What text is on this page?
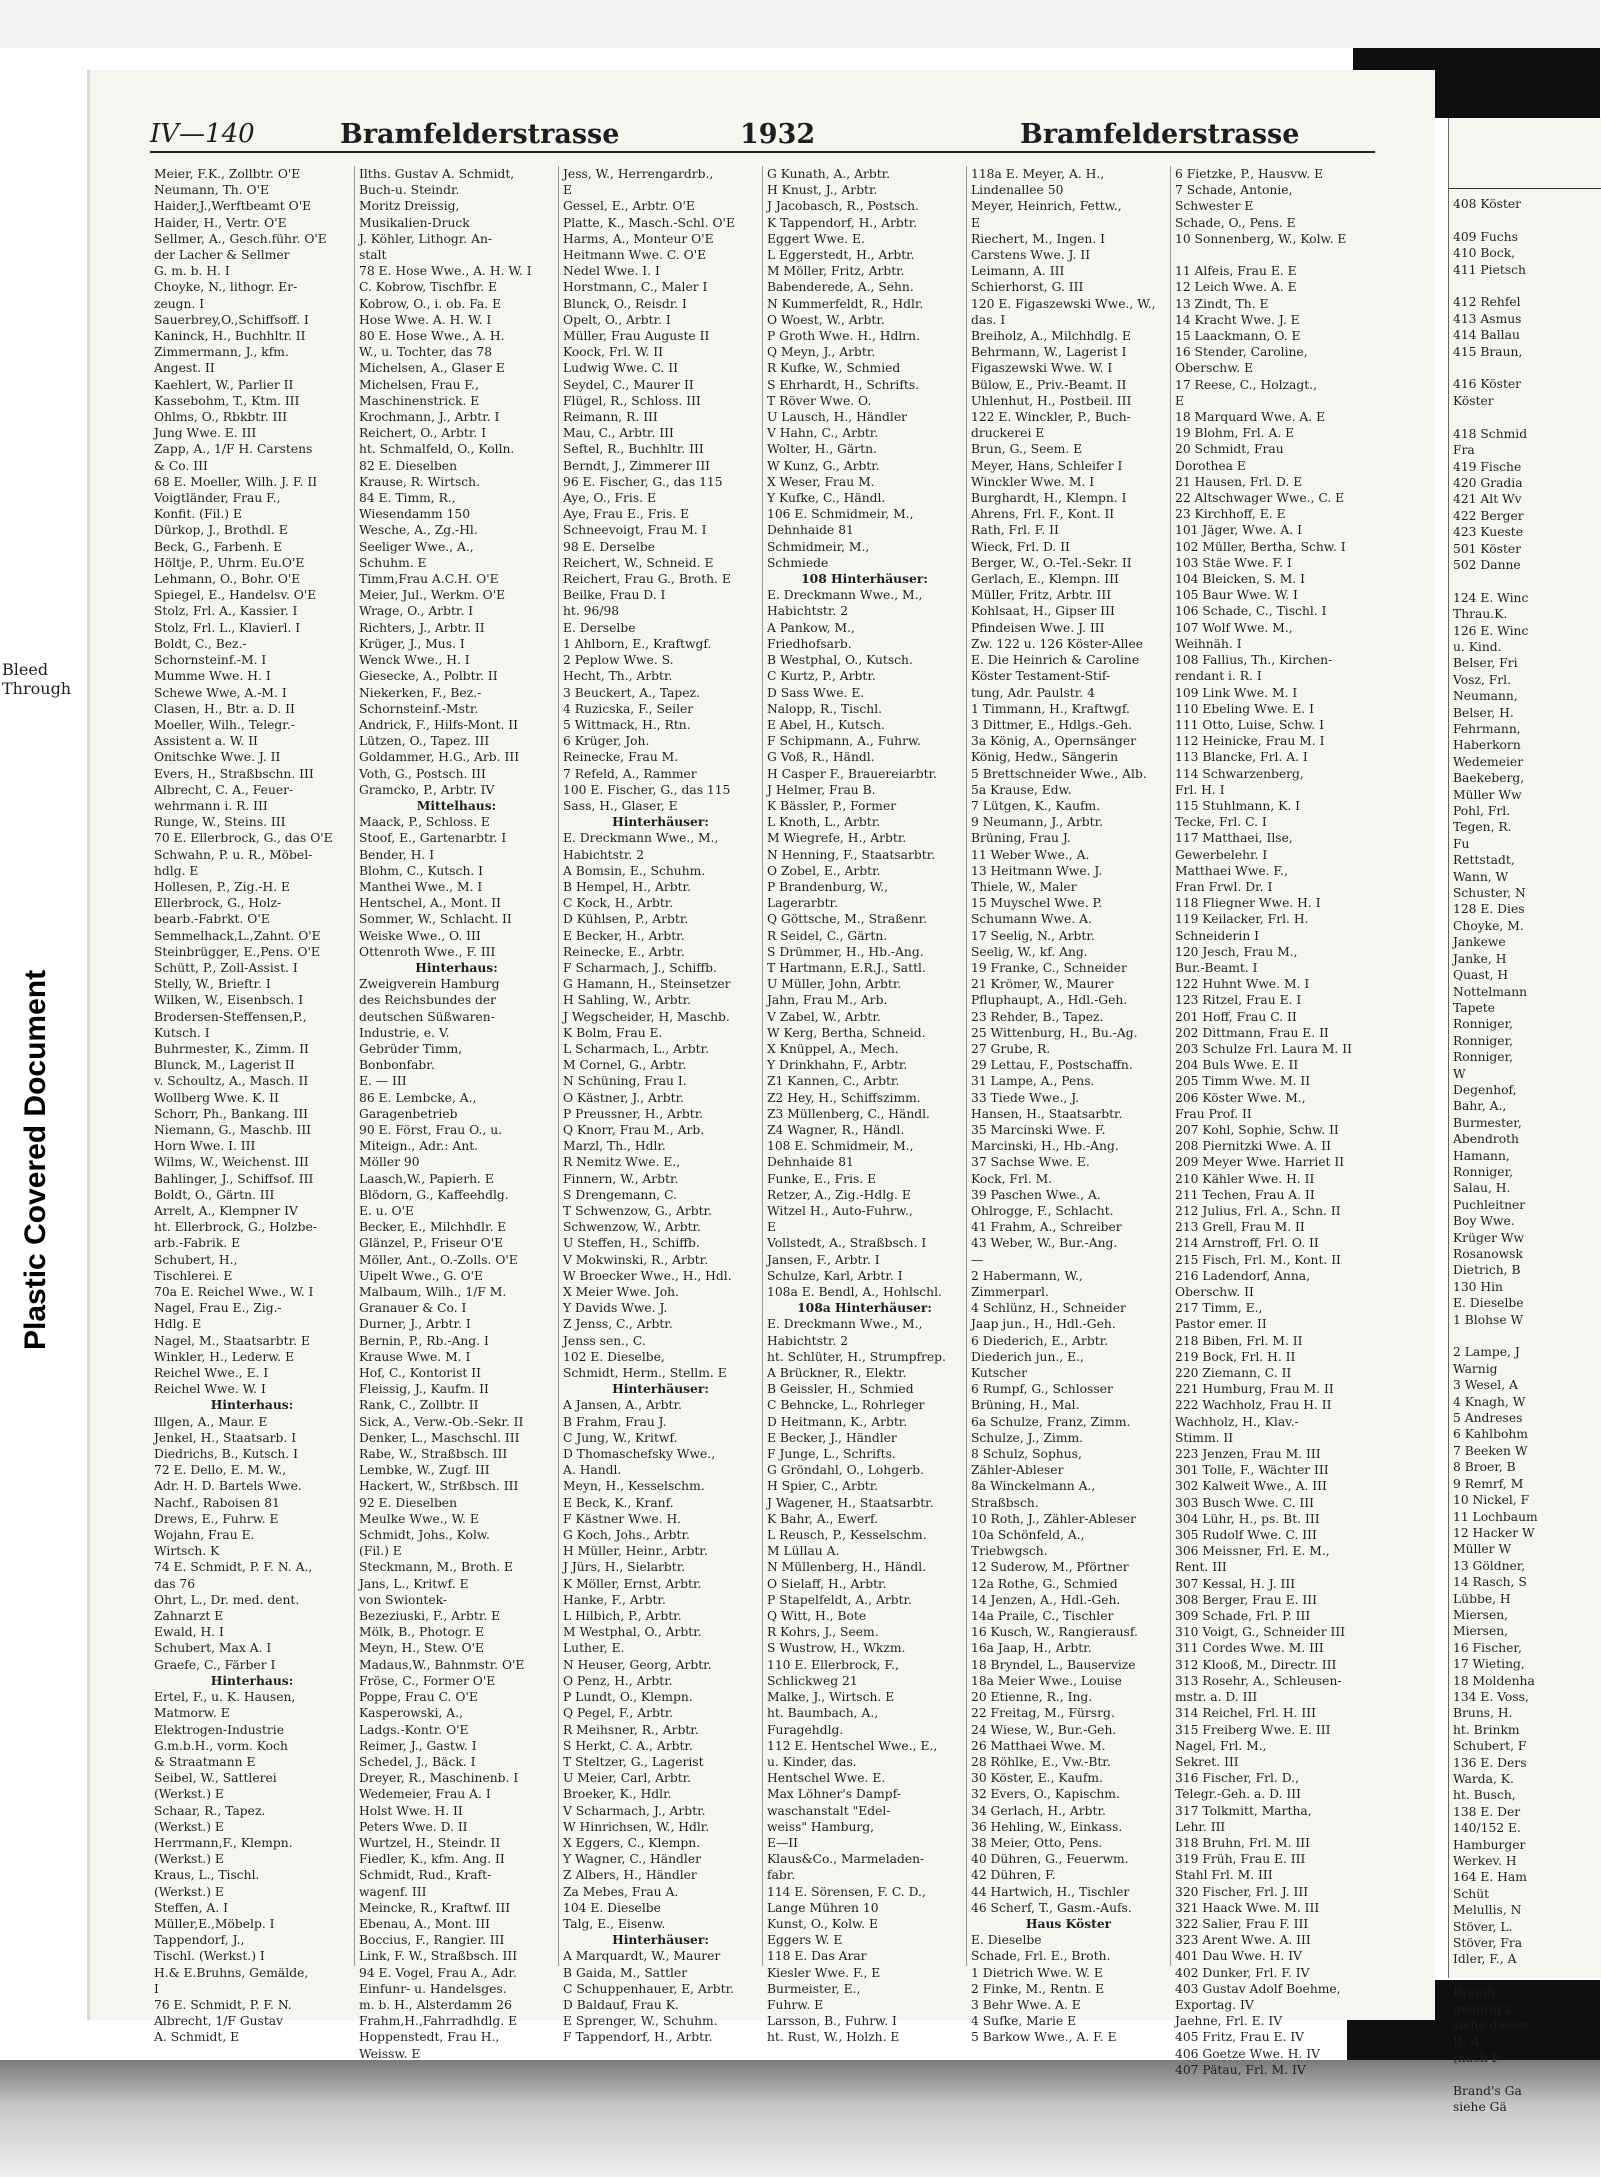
Plastic Covered Document
Bleed Through
IV—140	Bramfelderstrasse	1932	Bramfelderstrasse
Meier, F.K., Zollbtr. O'E
Neumann, Th. O'E
Haider,J.,Werftbeamt O'E
Haider, H., Vertr. O'E
Sellmer, A., Gesch.führ. O'E
der Lacher & Sellmer
G. m. b. H. I
Choyke, N., lithogr. Er-
zeugn. I
Sauerbrey,O.,Schiffsoff. I
Kaninck, H., Buchhltr. II
Zimmermann, J., kfm.
Angest. II
Kaehlert, W., Parlier II
Kassebohm, T., Ktm. III
Ohlms, O., Rbkbtr. III
Jung Wwe. E. III
Zapp, A., 1/F H. Carstens
& Co. III
68 E. Moeller, Wilh. J. F. II
Voigtländer, Frau F.,
Konfit. (Fil.) E
Dürkop, J., Brothdl. E
Beck, G., Farbenh. E
Höltje, P., Uhrm. Eu.O'E
Lehmann, O., Bohr. O'E
Spiegel, E., Handelsv. O'E
Stolz, Frl. A., Kassier. I
Stolz, Frl. L., Klavierl. I
Boldt, C., Bez.-
Schornsteinf.-M. I
Mumme Wwe. H. I
Schewe Wwe, A.-M. I
Clasen, H., Btr. a. D. II
Moeller, Wilh., Telegr.-
Assistent a. W. II
Onitschke Wwe. J. II
Evers, H., Straßbschn. III
Albrecht, C. A., Feuer-
wehrmann i. R. III
Runge, W., Steins. III
70 E. Ellerbrock, G., das O'E
Schwahn, P. u. R., Möbel-
hdlg. E
Hollesen, P., Zig.-H. E
Ellerbrock, G., Holz-
bearb.-Fabrkt. O'E
Semmelhack,L.,Zahnt. O'E
Steinbrügger, E.,Pens. O'E
Schütt, P., Zoll-Assist. I
Stelly, W., Brieftr. I
Wilken, W., Eisenbsch. I
Brodersen-Steffensen,P.,
Kutsch. I
Buhrmester, K., Zimm. II
Blunck, M., Lagerist II
v. Schoultz, A., Masch. II
Wollberg Wwe. K. II
Schorr, Ph., Bankang. III
Niemann, G., Maschb. III
Horn Wwe. I. III
Wilms, W., Weichenst. III
Bahlinger, J., Schiffsof. III
Boldt, O., Gärtn. III
Arrelt, A., Klempner IV
ht. Ellerbrock, G., Holzbe-
arb.-Fabrik. E
Schubert, H.,
Tischlerei. E
70a E. Reichel Wwe., W. I
Nagel, Frau E., Zig.-
Hdlg. E
Nagel, M., Staatsarbtr. E
Winkler, H., Lederw. E
Reichel Wwe., E. I
Reichel Wwe. W. I
Hinterhaus:
Illgen, A., Maur. E
Jenkel, H., Staatsarb. I
Diedrichs, B., Kutsch. I
72 E. Dello, E. M. W.,
Adr. H. D. Bartels Wwe.
Nachf., Raboisen 81
Drews, E., Fuhrw. E
Wojahn, Frau E.
Wirtsch. K
74 E. Schmidt, P. F. N. A.,
das 76
Ohrt, L., Dr. med. dent.
Zahnarzt E
Ewald, H. I
Schubert, Max A. I
Graefe, C., Färber I
Hinterhaus:
Ertel, F., u. K. Hausen,
Matmorw. E
Elektrogen-Industrie
G.m.b.H., vorm. Koch
& Straatmann E
Seibel, W., Sattlerei
(Werkst.) E
Schaar, R., Tapez.
(Werkst.) E
Herrmann,F., Klempn.
(Werkst.) E
Kraus, L., Tischl.
(Werkst.) E
Steffen, A. I
Müller,E.,Möbelp. I
Tappendorf, J.,
Tischl. (Werkst.) I
H.& E.Bruhns, Gemälde,
I
76 E. Schmidt, P. F. N.
Albrecht, 1/F Gustav
A. Schmidt, E
Ilths. Gustav A. Schmidt,
Buch-u. Steindr.
Moritz Dreissig,
Musikalien-Druck
J. Köhler, Lithogr. An-
stalt
78 E. Hose Wwe., A. H. W. I
C. Kobrow, Tischfbr. E
Kobrow, O., i. ob. Fa. E
Hose Wwe. A. H. W. I
80 E. Hose Wwe., A. H.
W., u. Tochter, das 78
Michelsen, A., Glaser E
Michelsen, Frau F.,
Maschinenstrick. E
Krochmann, J., Arbtr. I
Reichert, O., Arbtr. I
ht. Schmalfeld, O., Kolln.
82 E. Dieselben
Krause, R. Wirtsch.
84 E. Timm, R.,
Wiesendamm 150
Wesche, A., Zg.-Hl.
Seeliger Wwe., A.,
Schuhm. E
Timm,Frau A.C.H. O'E
Meier, Jul., Werkm. O'E
Wrage, O., Arbtr. I
Richters, J., Arbtr. II
Krüger, J., Mus. I
Wenck Wwe., H. I
Giesecke, A., Polbtr. II
Niekerken, F., Bez.-
Schornsteinf.-Mstr.
Andrick, F., Hilfs-Mont. II
Lützen, O., Tapez. III
Goldammer, H.G., Arb. III
Voth, G., Postsch. III
Gramcko, P., Arbtr. IV
Mittelhaus:
Maack, P., Schloss. E
Stoof, E., Gartenarbtr. I
Bender, H. I
Blohm, C., Kutsch. I
Manthei Wwe., M. I
Hentschel, A., Mont. II
Sommer, W., Schlacht. II
Weiske Wwe., O. III
Ottenroth Wwe., F. III
Hinterhaus:
Zweigverein Hamburg
des Reichsbundes der
deutschen Süßwaren-
Industrie, e. V.
Gebrüder Timm,
Bonbonfabr.
E. — III
86 E. Lembcke, A.,
Garagenbetrieb
90 E. Först, Frau O., u.
Miteign., Adr.: Ant.
Möller 90
Laasch,W., Papierh. E
Blödorn, G., Kaffeehdlg.
E. u. O'E
Becker, E., Milchhdlr. E
Glänzel, P., Friseur O'E
Möller, Ant., O.-Zolls. O'E
Uipelt Wwe., G. O'E
Malbaum, Wilh., 1/F M.
Granauer & Co. I
Durner, J., Arbtr. I
Bernin, P., Rb.-Ang. I
Krause Wwe. M. I
Hof, C., Kontorist II
Fleissig, J., Kaufm. II
Rank, C., Zollbtr. II
Sick, A., Verw.-Ob.-Sekr. II
Denker, L., Maschschl. III
Rabe, W., Straßbsch. III
Lembke, W., Zugf. III
Hackert, W., Strßbsch. III
92 E. Dieselben
Meulke Wwe., W. E
Schmidt, Johs., Kolw.
(Fil.) E
Steckmann, M., Broth. E
Jans, L., Kritwf. E
von Swiontek-
Bezeziuski, F., Arbtr. E
Mölk, B., Photogr. E
Meyn, H., Stew. O'E
Madaus,W., Bahnmstr. O'E
Fröse, C., Former O'E
Poppe, Frau C. O'E
Kasperowski, A.,
Ladgs.-Kontr. O'E
Reimer, J., Gastw. I
Schedel, J., Bäck. I
Dreyer, R., Maschinenb. I
Wedemeier, Frau A. I
Holst Wwe. H. II
Peters Wwe. D. II
Wurtzel, H., Steindr. II
Fiedler, K., kfm. Ang. II
Schmidt, Rud., Kraft-
wagenf. III
Meincke, R., Kraftwf. III
Ebenau, A., Mont. III
Boccius, F., Rangier. III
Link, F. W., Straßbsch. III
94 E. Vogel, Frau A., Adr.
Einfunr- u. Handelsges.
m. b. H., Alsterdamm 26
Frahm,H.,Fahrradhdlg. E
Hoppenstedt, Frau H.,
Weissw. E
Jess, W., Herrengardrb.,
E
Gessel, E., Arbtr. O'E
Platte, K., Masch.-Schl. O'E
Harms, A., Monteur O'E
Heitmann Wwe. C. O'E
Nedel Wwe. I. I
Horstmann, C., Maler I
Blunck, O., Reisdr. I
Opelt, O., Arbtr. I
Müller, Frau Auguste II
Koock, Frl. W. II
Ludwig Wwe. C. II
Seydel, C., Maurer II
Flügel, R., Schloss. III
Reimann, R. III
Mau, C., Arbtr. III
Seftel, R., Buchhltr. III
Berndt, J., Zimmerer III
96 E. Fischer, G., das 115
Aye, O., Fris. E
Aye, Frau E., Fris. E
Schneevoigt, Frau M. I
98 E. Derselbe
Reichert, W., Schneid. E
Reichert, Frau G., Broth. E
Beilke, Frau D. I
ht. 96/98
E. Derselbe
1 Ahlborn, E., Kraftwgf.
2 Peplow Wwe. S.
Hecht, Th., Arbtr.
3 Beuckert, A., Tapez.
4 Ruzicska, F., Seiler
5 Wittmack, H., Rtn.
6 Krüger, Joh.
Reinecke, Frau M.
7 Refeld, A., Rammer
100 E. Fischer, G., das 115
Sass, H., Glaser, E
Hinterhäuser:
E. Dreckmann Wwe., M.,
Habichtstr. 2
A Bomsin, E., Schuhm.
B Hempel, H., Arbtr.
C Kock, H., Arbtr.
D Kühlsen, P., Arbtr.
E Becker, H., Arbtr.
Reinecke, E., Arbtr.
F Scharmach, J., Schiffb.
G Hamann, H., Steinsetzer
H Sahling, W., Arbtr.
J Wegscheider, H, Maschb.
K Bolm, Frau E.
L Scharmach, L., Arbtr.
M Cornel, G., Arbtr.
N Schüning, Frau I.
O Kästner, J., Arbtr.
P Preussner, H., Arbtr.
Q Knorr, Frau M., Arb.
Marzl, Th., Hdlr.
R Nemitz Wwe. E.,
Finnern, W., Arbtr.
S Drengemann, C.
T Schwenzow, G., Arbtr.
Schwenzow, W., Arbtr.
U Steffen, H., Schiffb.
V Mokwinski, R., Arbtr.
W Broecker Wwe., H., Hdl.
X Meier Wwe. Joh.
Y Davids Wwe. J.
Z Jenss, C., Arbtr.
Jenss sen., C.
102 E. Dieselbe,
Schmidt, Herm., Stellm. E
Hinterhäuser:
A Jansen, A., Arbtr.
B Frahm, Frau J.
C Jung, W., Kritwf.
D Thomaschefsky Wwe.,
A. Handl.
Meyn, H., Kesselschm.
E Beck, K., Kranf.
F Kästner Wwe. H.
G Koch, Johs., Arbtr.
H Müller, Heinr., Arbtr.
J Jürs, H., Sielarbtr.
K Möller, Ernst, Arbtr.
Hanke, F., Arbtr.
L Hilbich, P., Arbtr.
M Westphal, O., Arbtr.
Luther, E.
N Heuser, Georg, Arbtr.
O Penz, H., Arbtr.
P Lundt, O., Klempn.
Q Pegel, F., Arbtr.
R Meihsner, R., Arbtr.
S Herkt, C. A., Arbtr.
T Steltzer, G., Lagerist
U Meier, Carl, Arbtr.
Broeker, K., Hdlr.
V Scharmach, J., Arbtr.
W Hinrichsen, W., Hdlr.
X Eggers, C., Klempn.
Y Wagner, C., Händler
Z Albers, H., Händler
Za Mebes, Frau A.
104 E. Dieselbe
Talg, E., Eisenw.
Hinterhäuser:
A Marquardt, W., Maurer
B Gaida, M., Sattler
C Schuppenhauer, E, Arbtr.
D Baldauf, Frau K.
E Sprenger, W., Schuhm.
F Tappendorf, H., Arbtr.
G Kunath, A., Arbtr.
H Knust, J., Arbtr.
J Jacobasch, R., Postsch.
K Tappendorf, H., Arbtr.
Eggert Wwe. E.
L Eggerstedt, H., Arbtr.
M Möller, Fritz, Arbtr.
Babenderede, A., Sehn.
N Kummerfeldt, R., Hdlr.
O Woest, W., Arbtr.
P Groth Wwe. H., Hdlrn.
Q Meyn, J., Arbtr.
R Kufke, W., Schmied
S Ehrhardt, H., Schrifts.
T Röver Wwe. O.
U Lausch, H., Händler
V Hahn, C., Arbtr.
Wolter, H., Gärtn.
W Kunz, G., Arbtr.
X Weser, Frau M.
Y Kufke, C., Händl.
106 E. Schmidmeir, M.,
Dehnhaide 81
Schmidmeir, M.,
Schmiede
108 Hinterhäuser:
E. Dreckmann Wwe., M.,
Habichtstr. 2
A Pankow, M.,
Friedhofsarb.
B Westphal, O., Kutsch.
C Kurtz, P., Arbtr.
D Sass Wwe. E.
Nalopp, R., Tischl.
E Abel, H., Kutsch.
F Schipmann, A., Fuhrw.
G Voß, R., Händl.
H Casper F., Brauereiarbtr.
J Helmer, Frau B.
K Bässler, P., Former
L Knoth, L., Arbtr.
M Wiegrefe, H., Arbtr.
N Henning, F., Staatsarbtr.
O Zobel, E., Arbtr.
P Brandenburg, W.,
Lagerarbtr.
Q Göttsche, M., Straßenr.
R Seidel, C., Gärtn.
S Drümmer, H., Hb.-Ang.
T Hartmann, E.R.J., Sattl.
U Müller, John, Arbtr.
Jahn, Frau M., Arb.
V Zabel, W., Arbtr.
W Kerg, Bertha, Schneid.
X Knüppel, A., Mech.
Y Drinkhahn, F., Arbtr.
Z1 Kannen, C., Arbtr.
Z2 Hey, H., Schiffszimm.
Z3 Müllenberg, C., Händl.
Z4 Wagner, R., Händl.
108 E. Schmidmeir, M.,
Dehnhaide 81
Funke, E., Fris. E
Retzer, A., Zig.-Hdlg. E
Witzel H., Auto-Fuhrw.,
E
Vollstedt, A., Straßbsch. I
Jansen, F., Arbtr. I
Schulze, Karl, Arbtr. I
108a E. Bendl, A., Hohlschl.
108a Hinterhäuser:
E. Dreckmann Wwe., M.,
Habichtstr. 2
ht. Schlüter, H., Strumpfrep.
A Brückner, R., Elektr.
B Geissler, H., Schmied
C Behncke, L., Rohrleger
D Heitmann, K., Arbtr.
E Becker, J., Händler
F Junge, L., Schrifts.
G Gröndahl, O., Lohgerb.
H Spier, C., Arbtr.
J Wagener, H., Staatsarbtr.
K Bahr, A., Ewerf.
L Reusch, P., Kesselschm.
M Lüllau A.
N Müllenberg, H., Händl.
O Sielaff, H., Arbtr.
P Stapelfeldt, A., Arbtr.
Q Witt, H., Bote
R Kohrs, J., Seem.
S Wustrow, H., Wkzm.
110 E. Ellerbrock, F.,
Schlickweg 21
Malke, J., Wirtsch. E
ht. Baumbach, A.,
Furagehdlg.
112 E. Hentschel Wwe., E.,
u. Kinder, das.
Hentschel Wwe. E.
Max Löhner's Dampf-
waschanstalt "Edel-
weiss" Hamburg,
E—II
Klaus&Co., Marmeladen-
fabr.
114 E. Sörensen, F. C. D.,
Lange Mühren 10
Kunst, O., Kolw. E
Eggers W. E
118 E. Das Arar
Kiesler Wwe. F., E
Burmeister, E.,
Fuhrw. E
Larsson, B., Fuhrw. I
ht. Rust, W., Holzh. E
118a E. Meyer, A. H.,
Lindenallee 50
Meyer, Heinrich, Fettw.,
E
Riechert, M., Ingen. I
Carstens Wwe. J. II
Leimann, A. III
Schierhorst, G. III
120 E. Figaszewski Wwe., W.,
das. I
Breiholz, A., Milchhdlg. E
Behrmann, W., Lagerist I
Figaszewski Wwe. W. I
Bülow, E., Priv.-Beamt. II
Uhlenhut, H., Postbeil. III
122 E. Winckler, P., Buch-
druckerei E
Brun, G., Seem. E
Meyer, Hans, Schleifer I
Winckler Wwe. M. I
Burghardt, H., Klempn. I
Ahrens, Frl. F., Kont. II
Rath, Frl. F. II
Wieck, Frl. D. II
Berger, W., O.-Tel.-Sekr. II
Gerlach, E., Klempn. III
Müller, Fritz, Arbtr. III
Kohlsaat, H., Gipser III
Pfindeisen Wwe. J. III
Zw. 122 u. 126 Köster-Allee
E. Die Heinrich & Caroline
Köster Testament-Stif-
tung, Adr. Paulstr. 4
1 Timmann, H., Kraftwgf.
3 Dittmer, E., Hdlgs.-Geh.
3a König, A., Opernsänger
König, Hedw., Sängerin
5 Brettschneider Wwe., Alb.
5a Krause, Edw.
7 Lütgen, K., Kaufm.
9 Neumann, J., Arbtr.
Brüning, Frau J.
11 Weber Wwe., A.
13 Heitmann Wwe. J.
Thiele, W., Maler
15 Muyschel Wwe. P.
Schumann Wwe. A.
17 Seelig, N., Arbtr.
Seelig, W., kf. Ang.
19 Franke, C., Schneider
21 Krömer, W., Maurer
Pfluphaupt, A., Hdl.-Geh.
23 Rehder, B., Tapez.
25 Wittenburg, H., Bu.-Ag.
27 Grube, R.
29 Lettau, F., Postschaffn.
31 Lampe, A., Pens.
33 Tiede Wwe., J.
Hansen, H., Staatsarbtr.
35 Marcinski Wwe. F.
Marcinski, H., Hb.-Ang.
37 Sachse Wwe. E.
Kock, Frl. M.
39 Paschen Wwe., A.
Ohlrogge, F., Schlacht.
41 Frahm, A., Schreiber
43 Weber, W., Bur.-Ang.
—
2 Habermann, W.,
Zimmerparl.
4 Schlünz, H., Schneider
Jaap jun., H., Hdl.-Geh.
6 Diederich, E., Arbtr.
Diederich jun., E.,
Kutscher
6 Rumpf, G., Schlosser
Brüning, H., Mal.
6a Schulze, Franz, Zimm.
Schulze, J., Zimm.
8 Schulz, Sophus,
Zähler-Ableser
8a Winckelmann A.,
Straßbsch.
10 Roth, J., Zähler-Ableser
10a Schönfeld, A.,
Triebwgsch.
12 Suderow, M., Pförtner
12a Rothe, G., Schmied
14 Jenzen, A., Hdl.-Geh.
14a Praile, C., Tischler
16 Kusch, W., Rangierausf.
16a Jaap, H., Arbtr.
18 Bryndel, L., Bauservize
18a Meier Wwe., Louise
20 Etienne, R., Ing.
22 Freitag, M., Fürsrg.
24 Wiese, W., Bur.-Geh.
26 Matthaei Wwe. M.
28 Röhlke, E., Vw.-Btr.
30 Köster, E., Kaufm.
32 Evers, O., Kapischm.
34 Gerlach, H., Arbtr.
36 Hehling, W., Einkass.
38 Meier, Otto, Pens.
40 Dühren, G., Feuerwm.
42 Dühren, F.
44 Hartwich, H., Tischler
46 Scherf, T., Gasm.-Aufs.
Haus Köster
E. Dieselbe
Schade, Frl. E., Broth.
1 Dietrich Wwe. W. E
2 Finke, M., Rentn. E
3 Behr Wwe. A. E
4 Sufke, Marie E
5 Barkow Wwe., A. F. E
6 Fietzke, P., Hausvw. E
7 Schade, Antonie,
Schwester E
Schade, O., Pens. E
10 Sonnenberg, W., Kolw. E

11 Alfeis, Frau E. E
12 Leich Wwe. A. E
13 Zindt, Th. E
14 Kracht Wwe. J. E
15 Laackmann, O. E
16 Stender, Caroline,
Oberschw. E
17 Reese, C., Holzagt.,
E
18 Marquard Wwe. A. E
19 Blohm, Frl. A. E
20 Schmidt, Frau
Dorothea E
21 Hausen, Frl. D. E
22 Altschwager Wwe., C. E
23 Kirchhoff, E. E
101 Jäger, Wwe. A. I
102 Müller, Bertha, Schw. I
103 Stäe Wwe. F. I
104 Bleicken, S. M. I
105 Baur Wwe. W. I
106 Schade, C., Tischl. I
107 Wolf Wwe. M.,
Weihnäh. I
108 Fallius, Th., Kirchen-
rendant i. R. I
109 Link Wwe. M. I
110 Ebeling Wwe. E. I
111 Otto, Luise, Schw. I
112 Heinicke, Frau M. I
113 Blancke, Frl. A. I
114 Schwarzenberg,
Frl. H. I
115 Stuhlmann, K. I
Tecke, Frl. C. I
117 Matthaei, Ilse,
Gewerbelehr. I
Matthaei Wwe. F.,
Fran Frwl. Dr. I
118 Fliegner Wwe. H. I
119 Keilacker, Frl. H.
Schneiderin I
120 Jesch, Frau M.,
Bur.-Beamt. I
122 Huhnt Wwe. M. I
123 Ritzel, Frau E. I
201 Hoff, Frau C. II
202 Dittmann, Frau E. II
203 Schulze Frl. Laura M. II
204 Buls Wwe. E. II
205 Timm Wwe. M. II
206 Köster Wwe. M.,
Frau Prof. II
207 Kohl, Sophie, Schw. II
208 Piernitzki Wwe. A. II
209 Meyer Wwe. Harriet II
210 Kähler Wwe. H. II
211 Techen, Frau A. II
212 Julius, Frl. A., Schn. II
213 Grell, Frau M. II
214 Arnstroff, Frl. O. II
215 Fisch, Frl. M., Kont. II
216 Ladendorf, Anna,
Oberschw. II
217 Timm, E.,
Pastor emer. II
218 Biben, Frl. M. II
219 Bock, Frl. H. II
220 Ziemann, C. II
221 Humburg, Frau M. II
222 Wachholz, Frau H. II
Wachholz, H., Klav.-
Stimm. II
223 Jenzen, Frau M. III
301 Tolle, F., Wächter III
302 Kalweit Wwe., A. III
303 Busch Wwe. C. III
304 Lühr, H., ps. Bt. III
305 Rudolf Wwe. C. III
306 Meissner, Frl. E. M.,
Rent. III
307 Kessal, H. J. III
308 Berger, Frau E. III
309 Schade, Frl. P. III
310 Voigt, G., Schneider III
311 Cordes Wwe. M. III
312 Klooß, M., Directr. III
313 Rosehr, A., Schleusen-
mstr. a. D. III
314 Reichel, Frl. H. III
315 Freiberg Wwe. E. III
Nagel, Frl. M.,
Sekret. III
316 Fischer, Frl. D.,
Telegr.-Geh. a. D. III
317 Tolkmitt, Martha,
Lehr. III
318 Bruhn, Frl. M. III
319 Früh, Frau E. III
Stahl Frl. M. III
320 Fischer, Frl. J. III
321 Haack Wwe. M. III
322 Salier, Frau F. III
323 Arent Wwe. A. III
401 Dau Wwe. H. IV
402 Dunker, Frl. F. IV
403 Gustav Adolf Boehme,
Exportag. IV
Jaehne, Frl. E. IV
405 Fritz, Frau E. IV
406 Goetze Wwe. H. IV
407 Pätau, Frl. M. IV
408 Köster

409 Fuchs
410 Bock,
411 Pietsch

412 Rehfel
413 Asmus
414 Ballau
415 Braun,

416 Köster
Köster

418 Schmid
Fra
419 Fische
420 Gradia
421 Alt Wv
422 Berger
423 Kueste
501 Köster
502 Danne

124 E. Winc
Thrau.K.
126 E. Winc
u. Kind.
Belser, Fri
Vosz, Frl.
Neumann,
Belser, H.
Fehrmann,
Haberkorn
Wedemeier
Baekeberg,
Müller Ww
Pohl, Frl.
Tegen, R.
Fu
Rettstadt,
Wann, W
Schuster, N
128 E. Dies
Choyke, M.
Jankewe
Janke, H
Quast, H
Nottelmann
Tapete
Ronniger,
Ronniger,
Ronniger,
W
Degenhof,
Bahr, A.,
Burmester,
Abendroth
Hamann,
Ronniger,
Salau, H.
Puchleitner
Boy Wwe.
Krüger Ww
Rosanowsk
Dietrich, B
130 Hin
E. Dieselbe
1 Blohse W

2 Lampe, J
Warnig
3 Wesel, A
4 Knagh, W
5 Andreses
6 Kahlbohm
7 Beeken W
8 Broer, B
9 Remrf, M
10 Nickel, F
11 Lochbaum
12 Hacker W
Müller W
13 Göldner,
14 Rasch, S
Lübbe, H
Miersen,
Miersen,
16 Fischer,
17 Wieting,
18 Moldenha
134 E. Voss,
Bruns, H.
ht. Brinkm
Schubert, F
136 E. Ders
Warda, K.
ht. Busch,
138 E. Der
140/152 E.
Hamburger
Werkev. H
164 E. Ham
Schüt
Melullis, N
Stöver, L.
Stöver, Fra
Idler, F., A

Bramfe
gehörig z
siehe dieses
II. A
(nach F

Brand's Ga
siehe Gä
